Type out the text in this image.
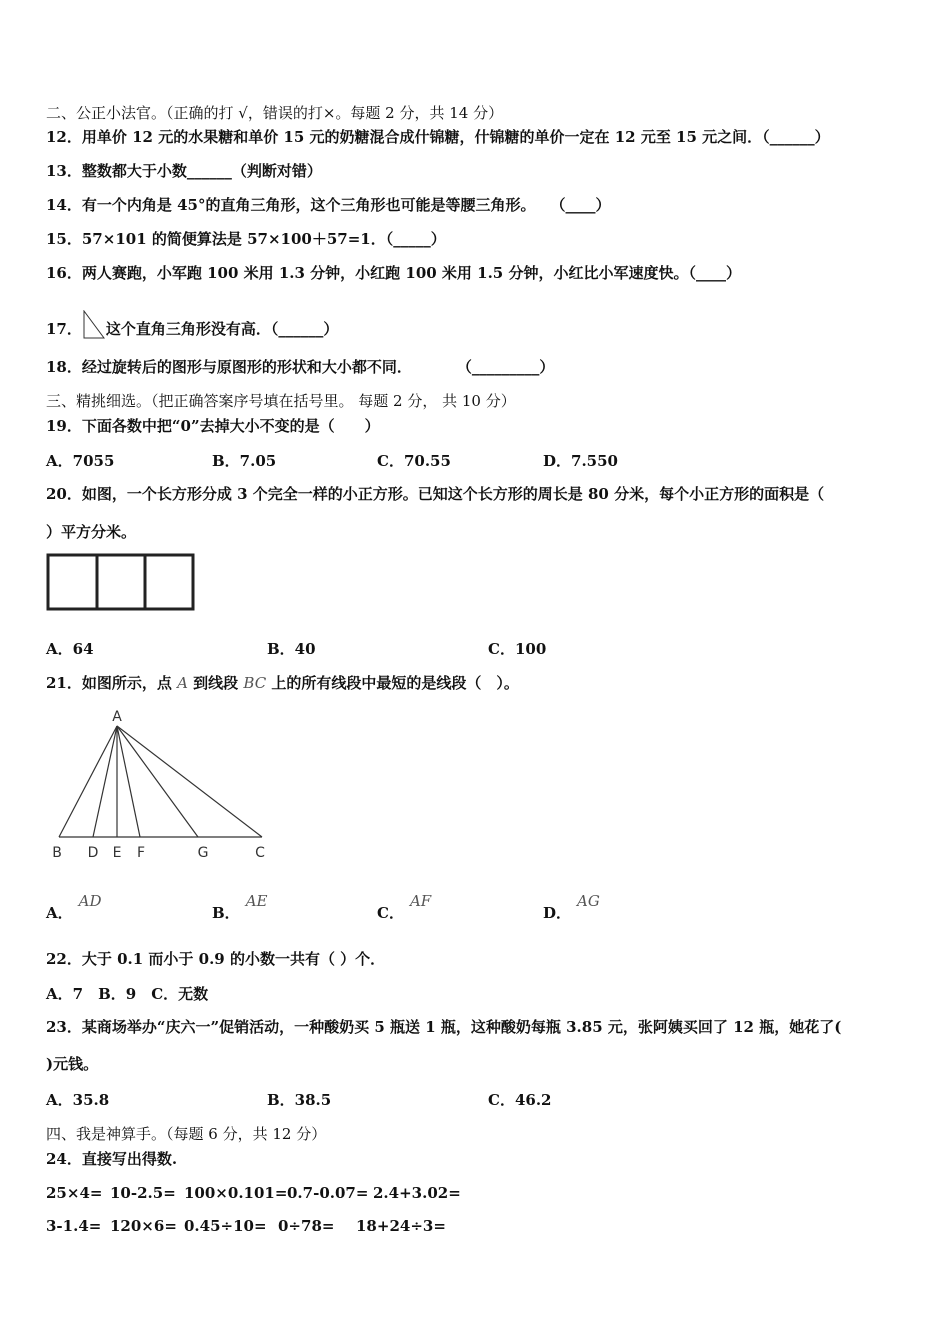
二、公正小法官。（正确的打 √，错误的打×。每题 2 分，共 14 分）
12．用单价 12 元的水果糖和单价 15 元的奶糖混合成什锦糖，什锦糖的单价一定在 12 元至 15 元之间．（______）
13．整数都大于小数______（判断对错）
14．有一个内角是 45°的直角三角形，这个三角形也可能是等腰三角形。　　（____）
15．57×101 的简便算法是 57×100＋57=1．（_____）
16．两人赛跑，小军跑 100 米用 1.3 分钟，小红跑 100 米用 1.5 分钟，小红比小军速度快。（____）
17． 这个直角三角形没有高．（______）
18．经过旋转后的图形与原图形的形状和大小都不同．　　　　（_________）
三、精挑细选。（把正确答案序号填在括号里。 每题 2 分， 共 10 分）
19．下面各数中把“0”去掉大小不变的是（　　）
A．7055	B．7.05	C．70.55	D．7.550
20．如图，一个长方形分成 3 个完全一样的小正方形。已知这个长方形的周长是 80 分米，每个小正方形的面积是（
）平方分米。
A．64	B．40	C．100
21．如图所示，点 A 到线段 BC 上的所有线段中最短的是线段（　）。
A
B D E F	G	C
A．AD
B．AE
C．AF
D．AG
22．大于 0.1 而小于 0.9 的小数一共有（ ）个．
A．7　B．9　C．无数
23．某商场举办“庆六一”促销活动，一种酸奶买 5 瓶送 1 瓶，这种酸奶每瓶 3.85 元，张阿姨买回了 12 瓶，她花了(
)元钱。
A．35.8	B．38.5	C．46.2
四、我是神算手。（每题 6 分，共 12 分）
24．直接写出得数.
25×4= 10-2.5= 100×0.101= 0.7-0.07= 2.4+3.02=
3-1.4= 120×6= 0.45÷10= 0÷78= 18+24÷3=
